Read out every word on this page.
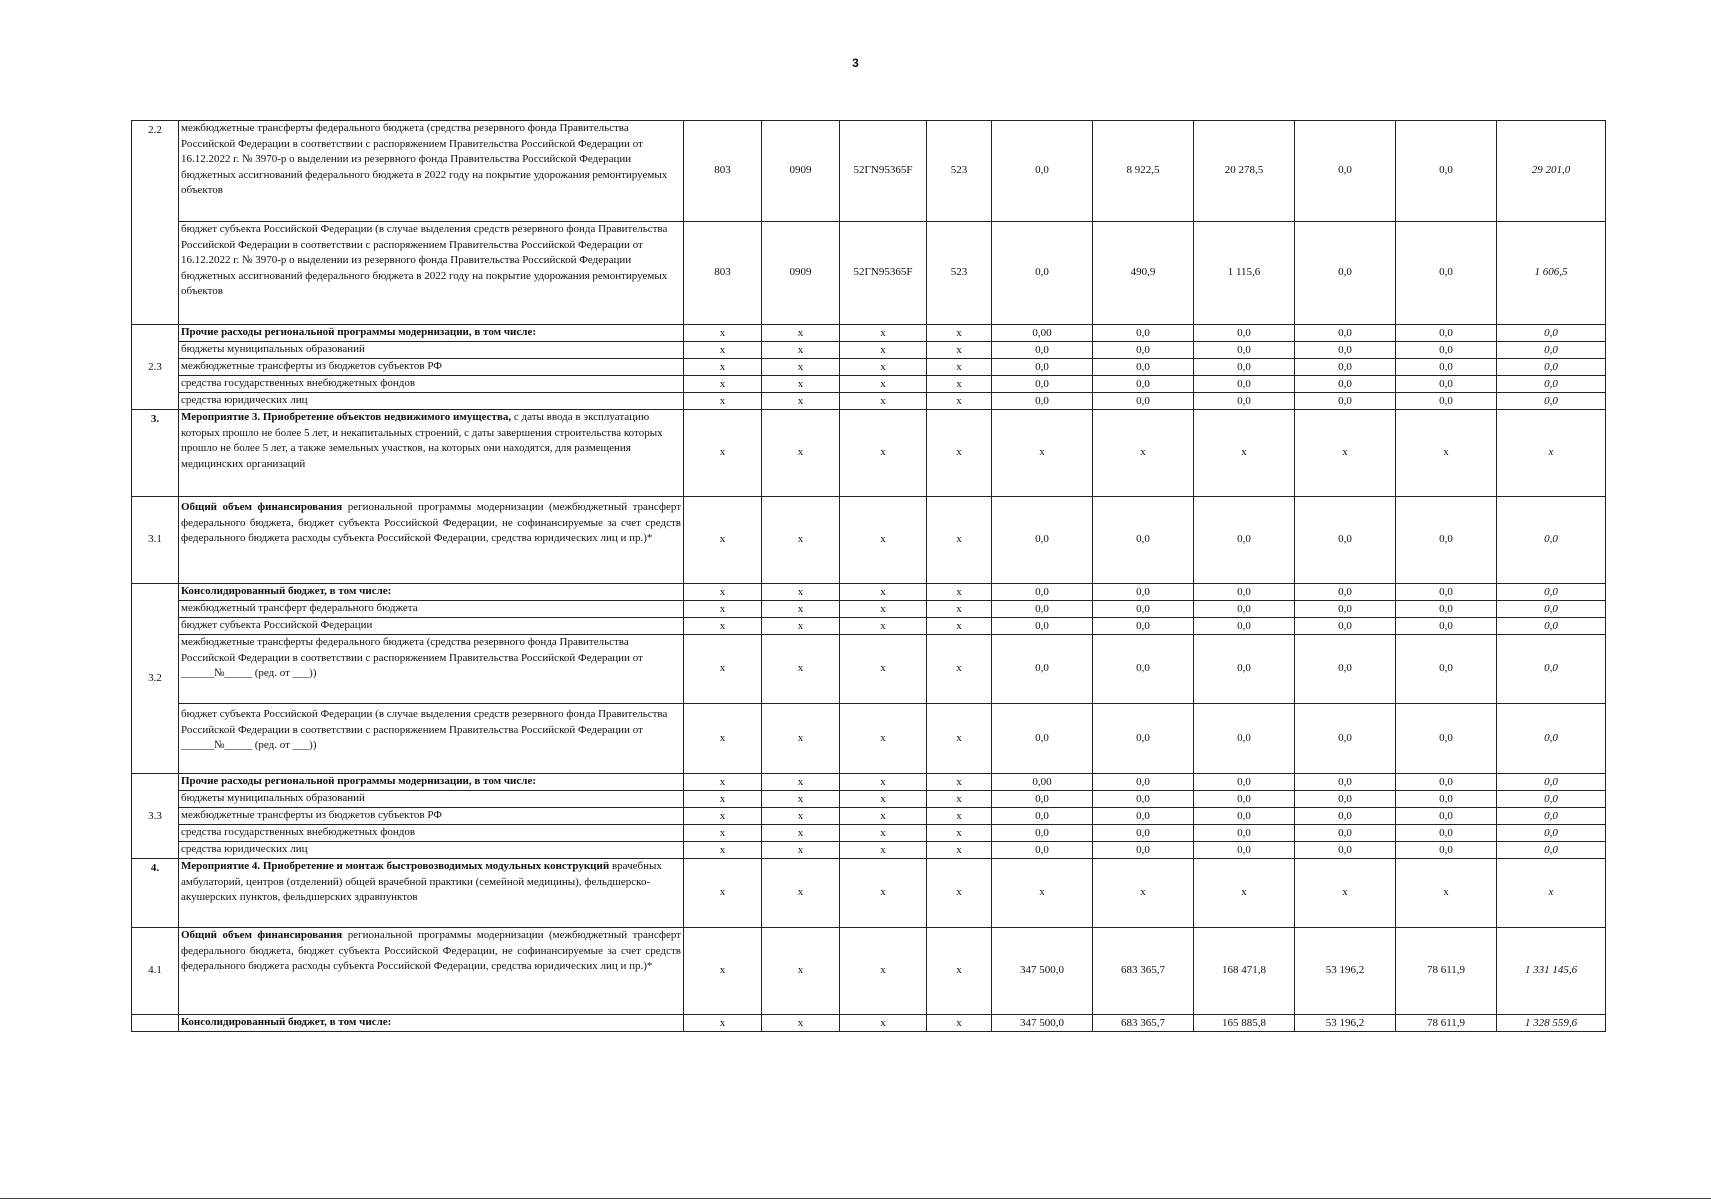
3
2.2	межбюджетные трансферты федерального бюджета (средства резервного фонда Правительства Российской Федерации в соответствии с распоряжением Правительства Российской Федерации от 16.12.2022 г. № 3970-р о выделении из резервного фонда Правительства Российской Федерации бюджетных ассигнований федерального бюджета в 2022 году на покрытие удорожания ремонтируемых объектов	803	0909	52ГN95365F	523	0,0	8 922,5	20 278,5	0,0	0,0	29 201,0
	бюджет субъекта Российской Федерации (в случае выделения средств резервного фонда Правительства Российской Федерации в соответствии с распоряжением Правительства Российской Федерации от 16.12.2022 г. № 3970-р о выделении из резервного фонда Правительства Российской Федерации бюджетных ассигнований федерального бюджета в 2022 году на покрытие удорожания ремонтируемых объектов	803	0909	52ГN95365F	523	0,0	490,9	1 115,6	0,0	0,0	1 606,5
2.3	Прочие расходы региональной программы модернизации, в том числе:	x	x	x	x	0,00	0,0	0,0	0,0	0,0	0,0
	бюджеты муниципальных образований	x	x	x	x	0,0	0,0	0,0	0,0	0,0	0,0
	межбюджетные трансферты из бюджетов субъектов РФ	x	x	x	x	0,0	0,0	0,0	0,0	0,0	0,0
	средства государственных внебюджетных фондов	x	x	x	x	0,0	0,0	0,0	0,0	0,0	0,0
	средства юридических лиц	x	x	x	x	0,0	0,0	0,0	0,0	0,0	0,0
3.	Мероприятие 3. Приобретение объектов недвижимого имущества, с даты ввода в эксплуатацию которых прошло не более 5 лет, и некапитальных строений, с даты завершения строительства которых прошло не более 5 лет, а также земельных участков, на которых они находятся, для размещения медицинских организаций	x	x	x	x	x	x	x	x	x	x
3.1	Общий объем финансирования региональной программы модернизации (межбюджетный трансферт федерального бюджета, бюджет субъекта Российской Федерации, не софинансируемые за счет средств федерального бюджета расходы субъекта Российской Федерации, средства юридических лиц и пр.)*	x	x	x	x	0,0	0,0	0,0	0,0	0,0	0,0
3.2	Консолидированный бюджет, в том числе:	x	x	x	x	0,0	0,0	0,0	0,0	0,0	0,0
	межбюджетный трансферт федерального бюджета	x	x	x	x	0,0	0,0	0,0	0,0	0,0	0,0
	бюджет субъекта Российской Федерации	x	x	x	x	0,0	0,0	0,0	0,0	0,0	0,0
	межбюджетные трансферты федерального бюджета (средства резервного фонда Правительства Российской Федерации в соответствии с распоряжением Правительства Российской Федерации от ______№_____ (ред. от ___))	x	x	x	x	0,0	0,0	0,0	0,0	0,0	0,0
	бюджет субъекта Российской Федерации (в случае выделения средств резервного фонда Правительства Российской Федерации в соответствии с распоряжением Правительства Российской Федерации от ______№_____ (ред. от ___))	x	x	x	x	0,0	0,0	0,0	0,0	0,0	0,0
3.3	Прочие расходы региональной программы модернизации, в том числе:	x	x	x	x	0,00	0,0	0,0	0,0	0,0	0,0
	бюджеты муниципальных образований	x	x	x	x	0,0	0,0	0,0	0,0	0,0	0,0
	межбюджетные трансферты из бюджетов субъектов РФ	x	x	x	x	0,0	0,0	0,0	0,0	0,0	0,0
	средства государственных внебюджетных фондов	x	x	x	x	0,0	0,0	0,0	0,0	0,0	0,0
	средства юридических лиц	x	x	x	x	0,0	0,0	0,0	0,0	0,0	0,0
4.	Мероприятие 4. Приобретение и монтаж быстровозводимых модульных конструкций врачебных амбулаторий, центров (отделений) общей врачебной практики (семейной медицины), фельдшерско-акушерских пунктов, фельдшерских здравпунктов	x	x	x	x	x	x	x	x	x	x
4.1	Общий объем финансирования региональной программы модернизации (межбюджетный трансферт федерального бюджета, бюджет субъекта Российской Федерации, не софинансируемые за счет средств федерального бюджета расходы субъекта Российской Федерации, средства юридических лиц и пр.)*	x	x	x	x	347 500,0	683 365,7	168 471,8	53 196,2	78 611,9	1 331 145,6
	Консолидированный бюджет, в том числе:	x	x	x	x	347 500,0	683 365,7	165 885,8	53 196,2	78 611,9	1 328 559,6
